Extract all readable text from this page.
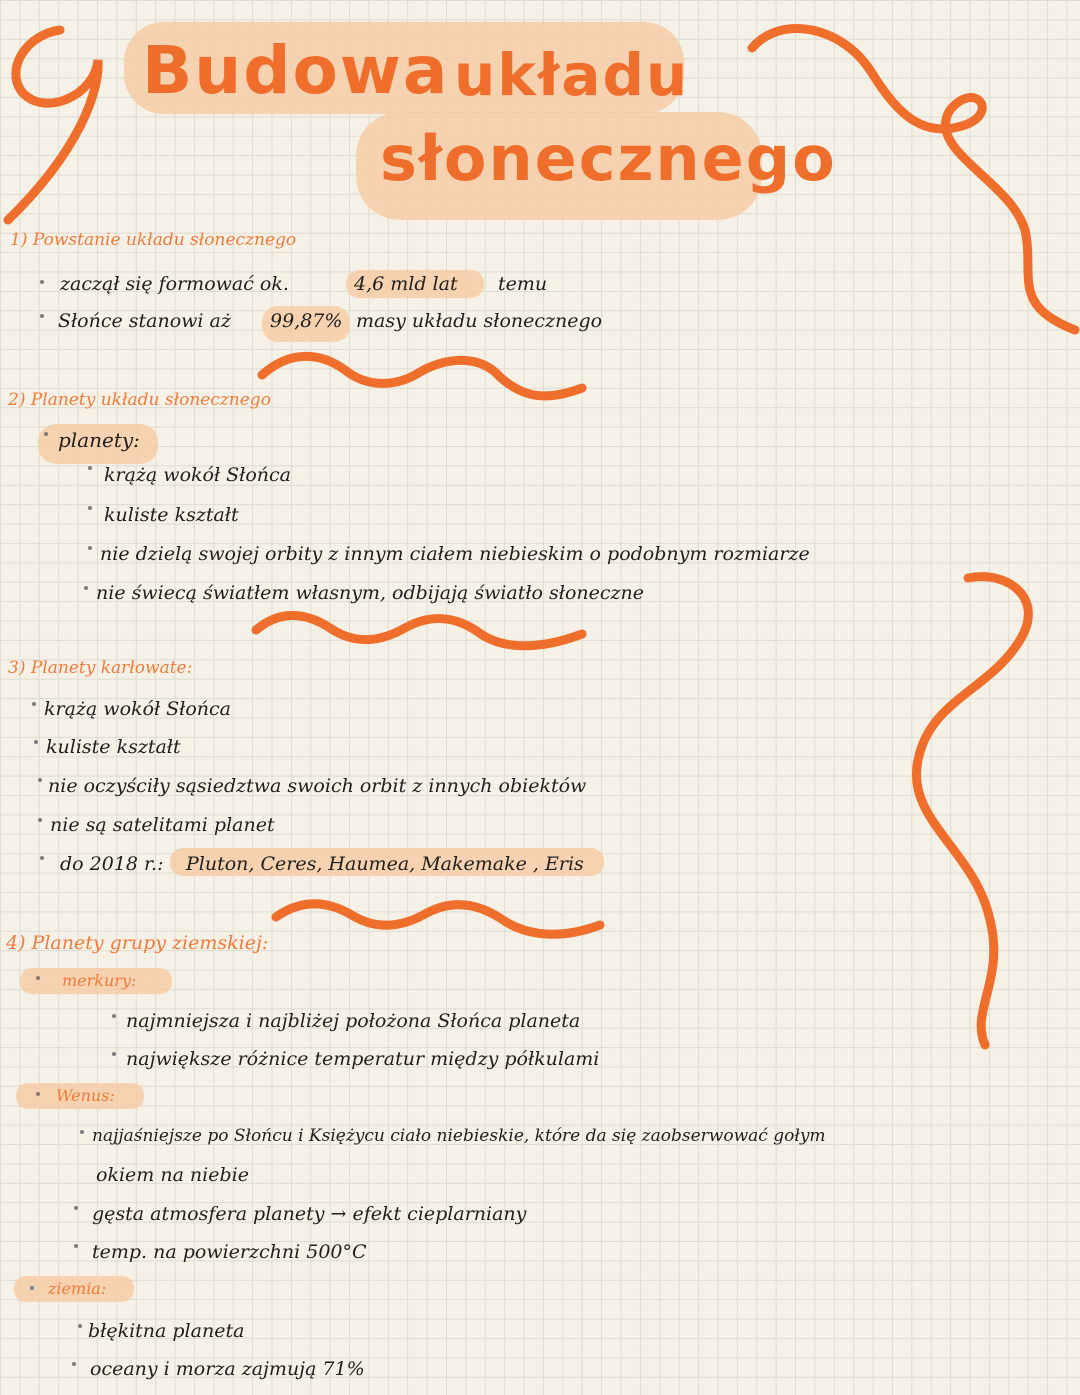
Budowa układu
słonecznego
1) Powstanie układu słonecznego
zaczął się formować ok.	4,6 mld lat temu
Słońce stanowi aż 99,87% masy układu słonecznego
2) Planety układu słonecznego
planety:
krążą wokół Słońca
kuliste kształt
nie dzielą swojej orbity z innym ciałem niebieskim o podobnym rozmiarze
nie świecą światłem własnym, odbijają światło słoneczne
3) Planety karłowate:
krążą wokół Słońca
kuliste kształt
nie oczyściły sąsiedztwa swoich orbit z innych obiektów
nie są satelitami planet
do 2018 r.: Pluton, Ceres, Haumea, Makemake , Eris
4) Planety grupy ziemskiej:
merkury:
najmniejsza i najbliżej położona Słońca planeta
największe różnice temperatur między półkulami
Wenus:
najjaśniejsze po Słońcu i Księżycu ciało niebieskie, które da się zaobserwować gołym
okiem na niebie
gęsta atmosfera planety → efekt cieplarniany
temp. na powierzchni 500°C
ziemia:
błękitna planeta
oceany i morza zajmują 71%
